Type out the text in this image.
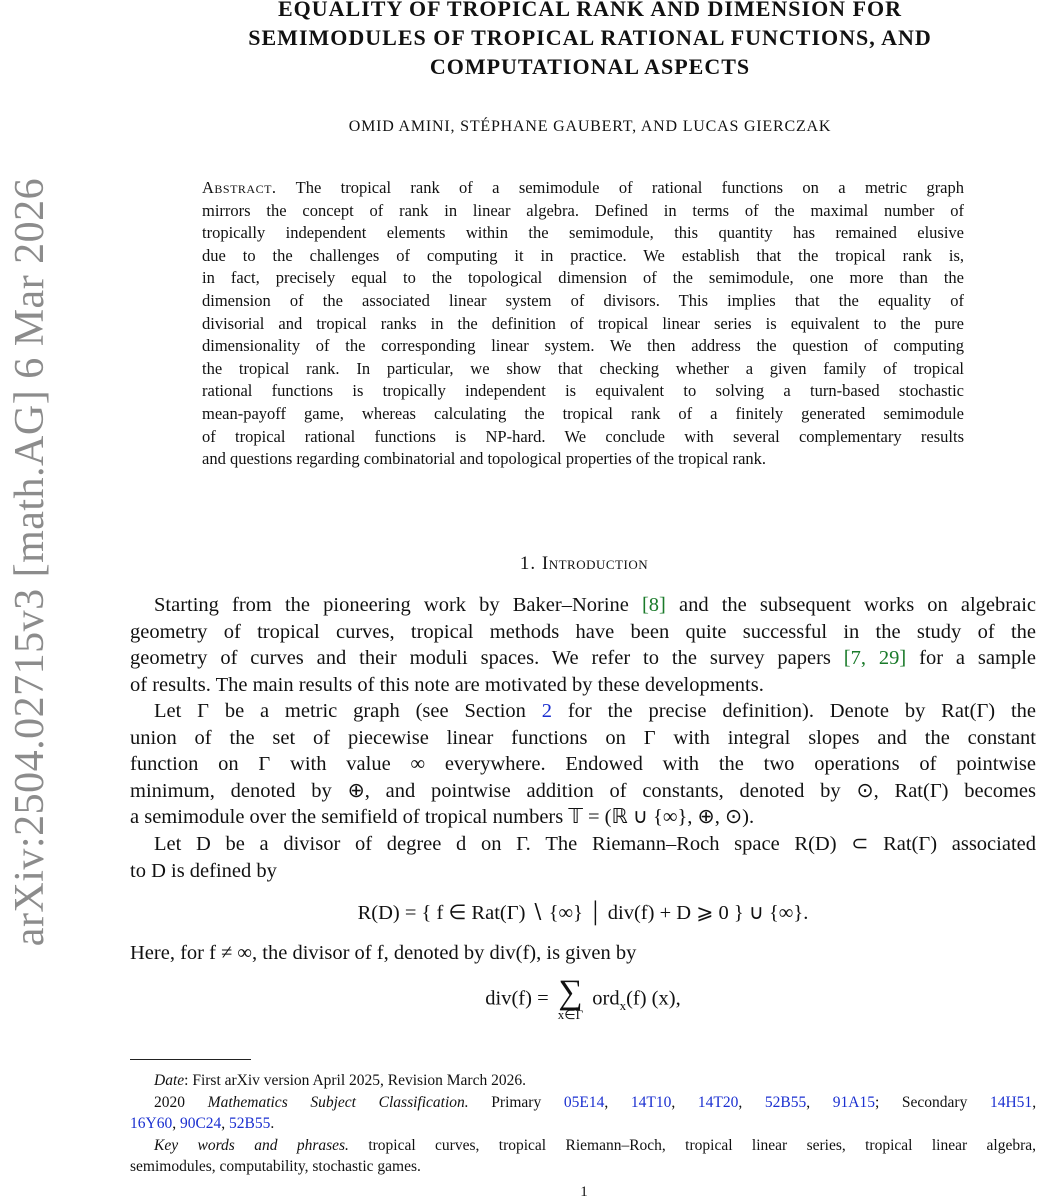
arXiv:2504.02715v3 [math.AG] 6 Mar 2026
EQUALITY OF TROPICAL RANK AND DIMENSION FOR
SEMIMODULES OF TROPICAL RATIONAL FUNCTIONS, AND
COMPUTATIONAL ASPECTS
OMID AMINI, STÉPHANE GAUBERT, AND LUCAS GIERCZAK
Abstract. The tropical rank of a semimodule of rational functions on a metric graph
mirrors the concept of rank in linear algebra. Defined in terms of the maximal number of
tropically independent elements within the semimodule, this quantity has remained elusive
due to the challenges of computing it in practice. We establish that the tropical rank is,
in fact, precisely equal to the topological dimension of the semimodule, one more than the
dimension of the associated linear system of divisors. This implies that the equality of
divisorial and tropical ranks in the definition of tropical linear series is equivalent to the pure
dimensionality of the corresponding linear system. We then address the question of computing
the tropical rank. In particular, we show that checking whether a given family of tropical
rational functions is tropically independent is equivalent to solving a turn-based stochastic
mean-payoff game, whereas calculating the tropical rank of a finitely generated semimodule
of tropical rational functions is NP-hard. We conclude with several complementary results
and questions regarding combinatorial and topological properties of the tropical rank.
1. Introduction
Starting from the pioneering work by Baker–Norine [8] and the subsequent works on algebraic
geometry of tropical curves, tropical methods have been quite successful in the study of the
geometry of curves and their moduli spaces. We refer to the survey papers [7, 29] for a sample
of results. The main results of this note are motivated by these developments.
Let Γ be a metric graph (see Section 2 for the precise definition). Denote by Rat(Γ) the
union of the set of piecewise linear functions on Γ with integral slopes and the constant
function on Γ with value ∞ everywhere. Endowed with the two operations of pointwise
minimum, denoted by ⊕, and pointwise addition of constants, denoted by ⊙, Rat(Γ) becomes
a semimodule over the semifield of tropical numbers 𝕋 = (ℝ ∪ {∞}, ⊕, ⊙).
Let D be a divisor of degree d on Γ. The Riemann–Roch space R(D) ⊂ Rat(Γ) associated
to D is defined by
R(D) = { f ∈ Rat(Γ) ∖ {∞} │ div(f) + D ⩾ 0 } ∪ {∞}.
Here, for f ≠ ∞, the divisor of f, denoted by div(f), is given by
div(f) = ∑
x∈Γ
ord$_x$(f) (x),
Date: First arXiv version April 2025, Revision March 2026.
2020 Mathematics Subject Classification. Primary 05E14, 14T10, 14T20, 52B55, 91A15; Secondary 14H51,
16Y60, 90C24, 52B55.
Key words and phrases. tropical curves, tropical Riemann–Roch, tropical linear series, tropical linear algebra,
semimodules, computability, stochastic games.
1
